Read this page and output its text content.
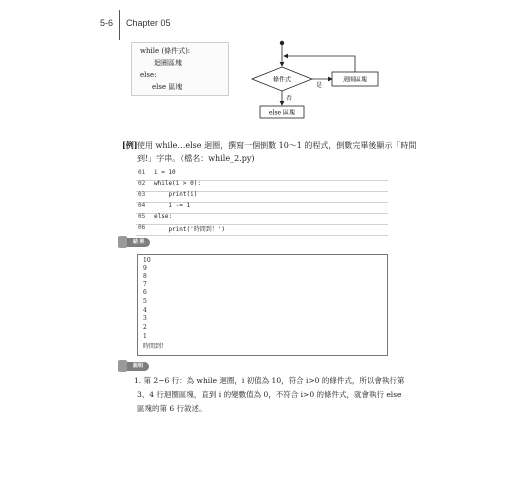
5-6 Chapter 05
while (條件式):
迴圈區塊
else:
else 區塊
條件式
是
迴圈區塊
否
else 區塊
[例] 使用 while…else 迴圈，撰寫一個倒數 10～1 的程式，倒數完畢後顯示「時間
到!」字串。（檔名：while_2.py)
01 i = 10
02 while(i > 0):
03 print(i)
04 i -= 1
05 else:
06 print('時間到！')
結 果
10
9
8
7
6
5
4
3
2
1
時間到!
說明
1. 第 2~6 行：為 while 迴圈，i 初值為 10，符合 i>0 的條件式，所以會執行第
3、4 行迴圈區塊，直到 i 的變數值為 0，不符合 i>0 的條件式，就會執行 else
區塊的第 6 行敘述。
